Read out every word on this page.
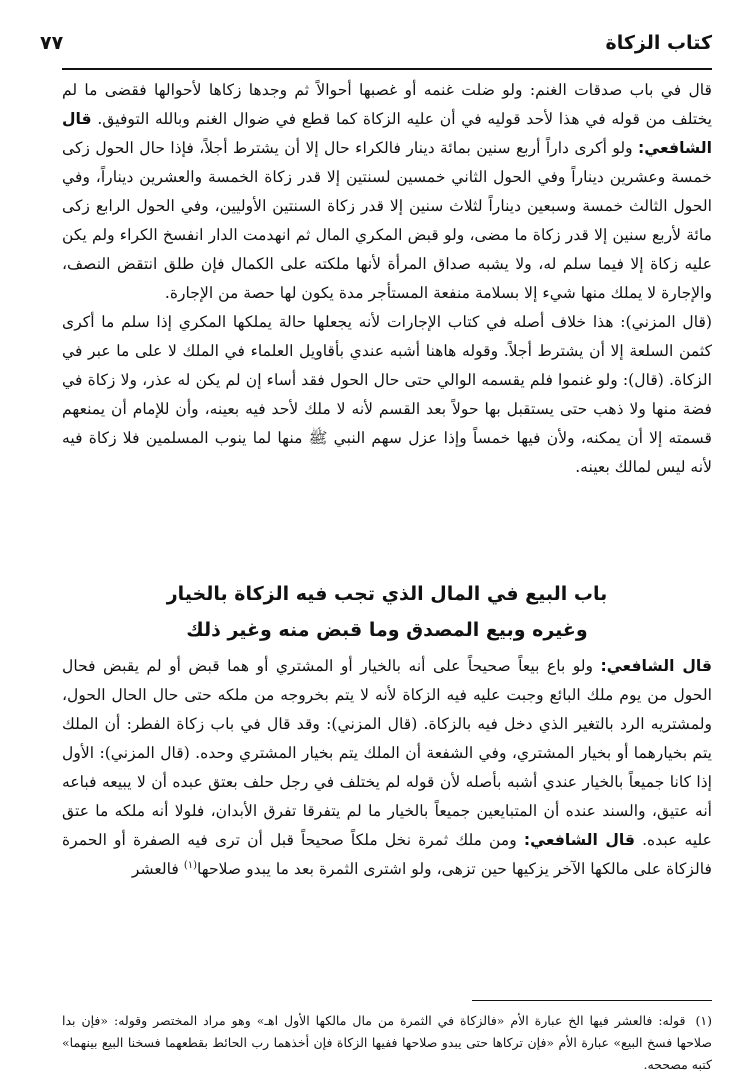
كتاب الزكاة
٧٧

قال في باب صدقات الغنم: ولو ضلت غنمه أو غصبها أحوالاً ثم وجدها زكاها لأحوالها فقضى ما لم يختلف من قوله في هذا لأحد قوليه في أن عليه الزكاة كما قطع في ضوال الغنم وبالله التوفيق. قال الشافعي: ولو أكرى داراً أربع سنين بمائة دينار فالكراء حال إلا أن يشترط أجلاً، فإذا حال الحول زكى خمسة وعشرين ديناراً وفي الحول الثاني خمسين لسنتين إلا قدر زكاة الخمسة والعشرين ديناراً، وفي الحول الثالث خمسة وسبعين ديناراً لثلاث سنين إلا قدر زكاة السنتين الأوليين، وفي الحول الرابع زكى مائة لأربع سنين إلا قدر زكاة ما مضى، ولو قبض المكري المال ثم انهدمت الدار انفسخ الكراء ولم يكن عليه زكاة إلا فيما سلم له، ولا يشبه صداق المرأة لأنها ملكته على الكمال فإن طلق انتقض النصف، والإجارة لا يملك منها شيء إلا بسلامة منفعة المستأجر مدة يكون لها حصة من الإجارة.

(قال المزني): هذا خلاف أصله في كتاب الإجارات لأنه يجعلها حالة يملكها المكري إذا سلم ما أكرى كثمن السلعة إلا أن يشترط أجلاً. وقوله هاهنا أشبه عندي بأقاويل العلماء في الملك لا على ما عبر في الزكاة. (قال): ولو غنموا فلم يقسمه الوالي حتى حال الحول فقد أساء إن لم يكن له عذر، ولا زكاة في فضة منها ولا ذهب حتى يستقبل بها حولاً بعد القسم لأنه لا ملك لأحد فيه بعينه، وأن للإمام أن يمنعهم قسمته إلا أن يمكنه، ولأن فيها خمساً وإذا عزل سهم النبي ﷺ منها لما ينوب المسلمين فلا زكاة فيه لأنه ليس لمالك بعينه.

باب البيع في المال الذي تجب فيه الزكاة بالخيار
وغيره وبيع المصدق وما قبض منه وغير ذلك

قال الشافعي: ولو باع بيعاً صحيحاً على أنه بالخيار أو المشتري أو هما قبض أو لم يقبض فحال الحول من يوم ملك البائع وجبت عليه فيه الزكاة لأنه لا يتم بخروجه من ملكه حتى حال الحال الحول، ولمشتريه الرد بالتغير الذي دخل فيه بالزكاة. (قال المزني): وقد قال في باب زكاة الفطر: أن الملك يتم بخيارهما أو بخيار المشتري، وفي الشفعة أن الملك يتم بخيار المشتري وحده. (قال المزني): الأول إذا كانا جميعاً بالخيار عندي أشبه بأصله لأن قوله لم يختلف في رجل حلف بعتق عبده أن لا يبيعه فباعه أنه عتيق، والسند عنده أن المتبايعين جميعاً بالخيار ما لم يتفرقا تفرق الأبدان، فلولا أنه ملكه ما عتق عليه عبده. قال الشافعي: ومن ملك ثمرة نخل ملكاً صحيحاً قبل أن ترى فيه الصفرة أو الحمرة فالزكاة على مالكها الآخر يزكيها حين تزهى، ولو اشترى الثمرة بعد ما يبدو صلاحها$^{(١)}$ فالعشر

(١)قوله: فالعشر فيها الخ عبارة الأم «فالزكاة في الثمرة من مال مالكها الأول اهـ» وهو مراد المختصر وقوله: «فإن بدا صلاحها فسخ البيع» عبارة الأم «فإن تركاها حتى يبدو صلاحها ففيها الزكاة فإن أخذهما رب الحائط بقطعهما فسخنا البيع بينهما» كتبه مصححه.
